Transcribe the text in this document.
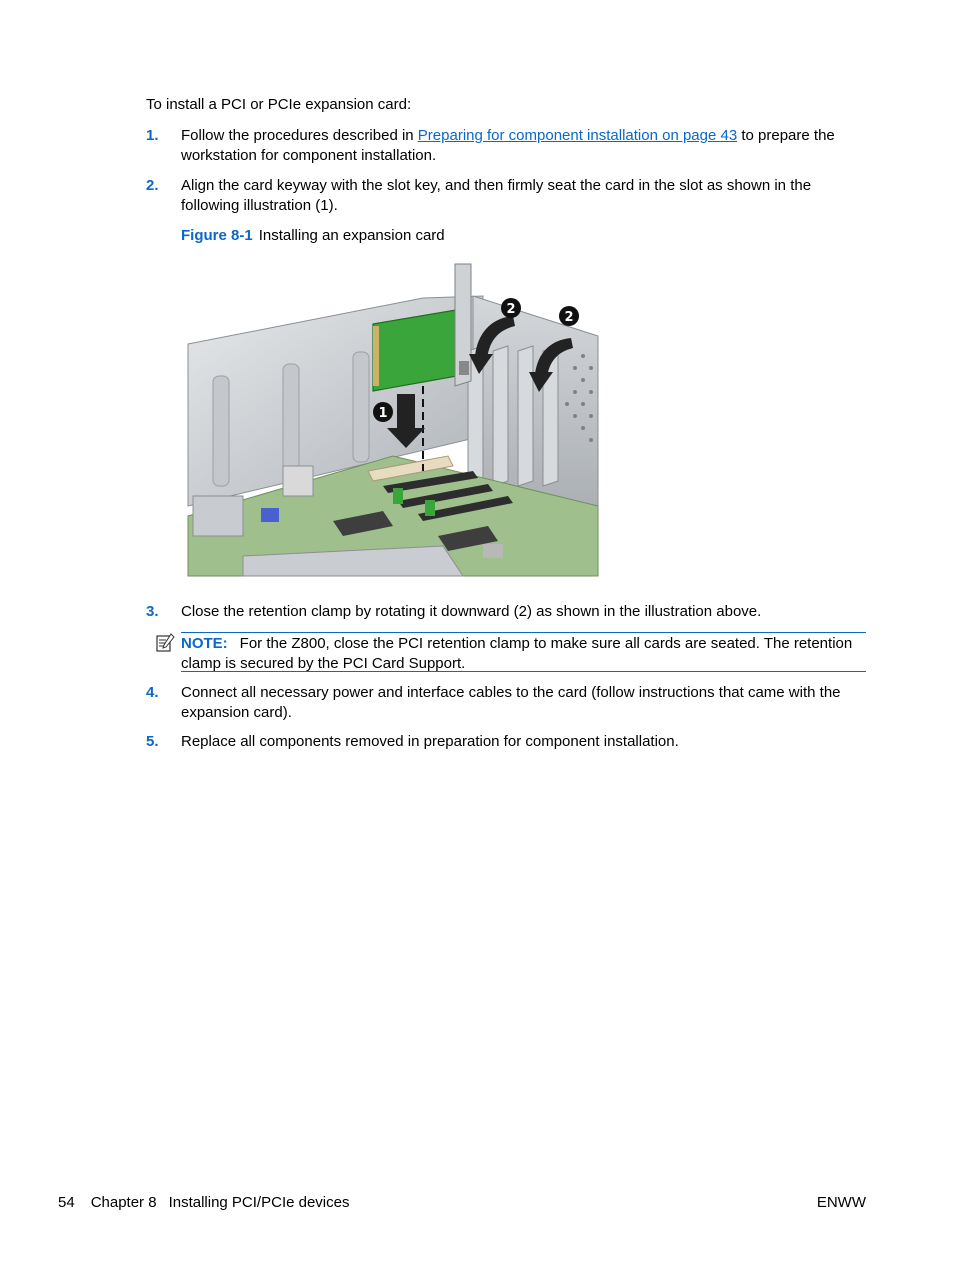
To install a PCI or PCIe expansion card:
1. Follow the procedures described in Preparing for component installation on page 43 to prepare the workstation for component installation.
2. Align the card keyway with the slot key, and then firmly seat the card in the slot as shown in the following illustration (1).
Figure 8-1 Installing an expansion card
1
2
2
3. Close the retention clamp by rotating it downward (2) as shown in the illustration above.
NOTE: For the Z800, close the PCI retention clamp to make sure all cards are seated. The retention clamp is secured by the PCI Card Support.
4. Connect all necessary power and interface cables to the card (follow instructions that came with the expansion card).
5. Replace all components removed in preparation for component installation.
54 Chapter 8 Installing PCI/PCIe devices	ENWW
